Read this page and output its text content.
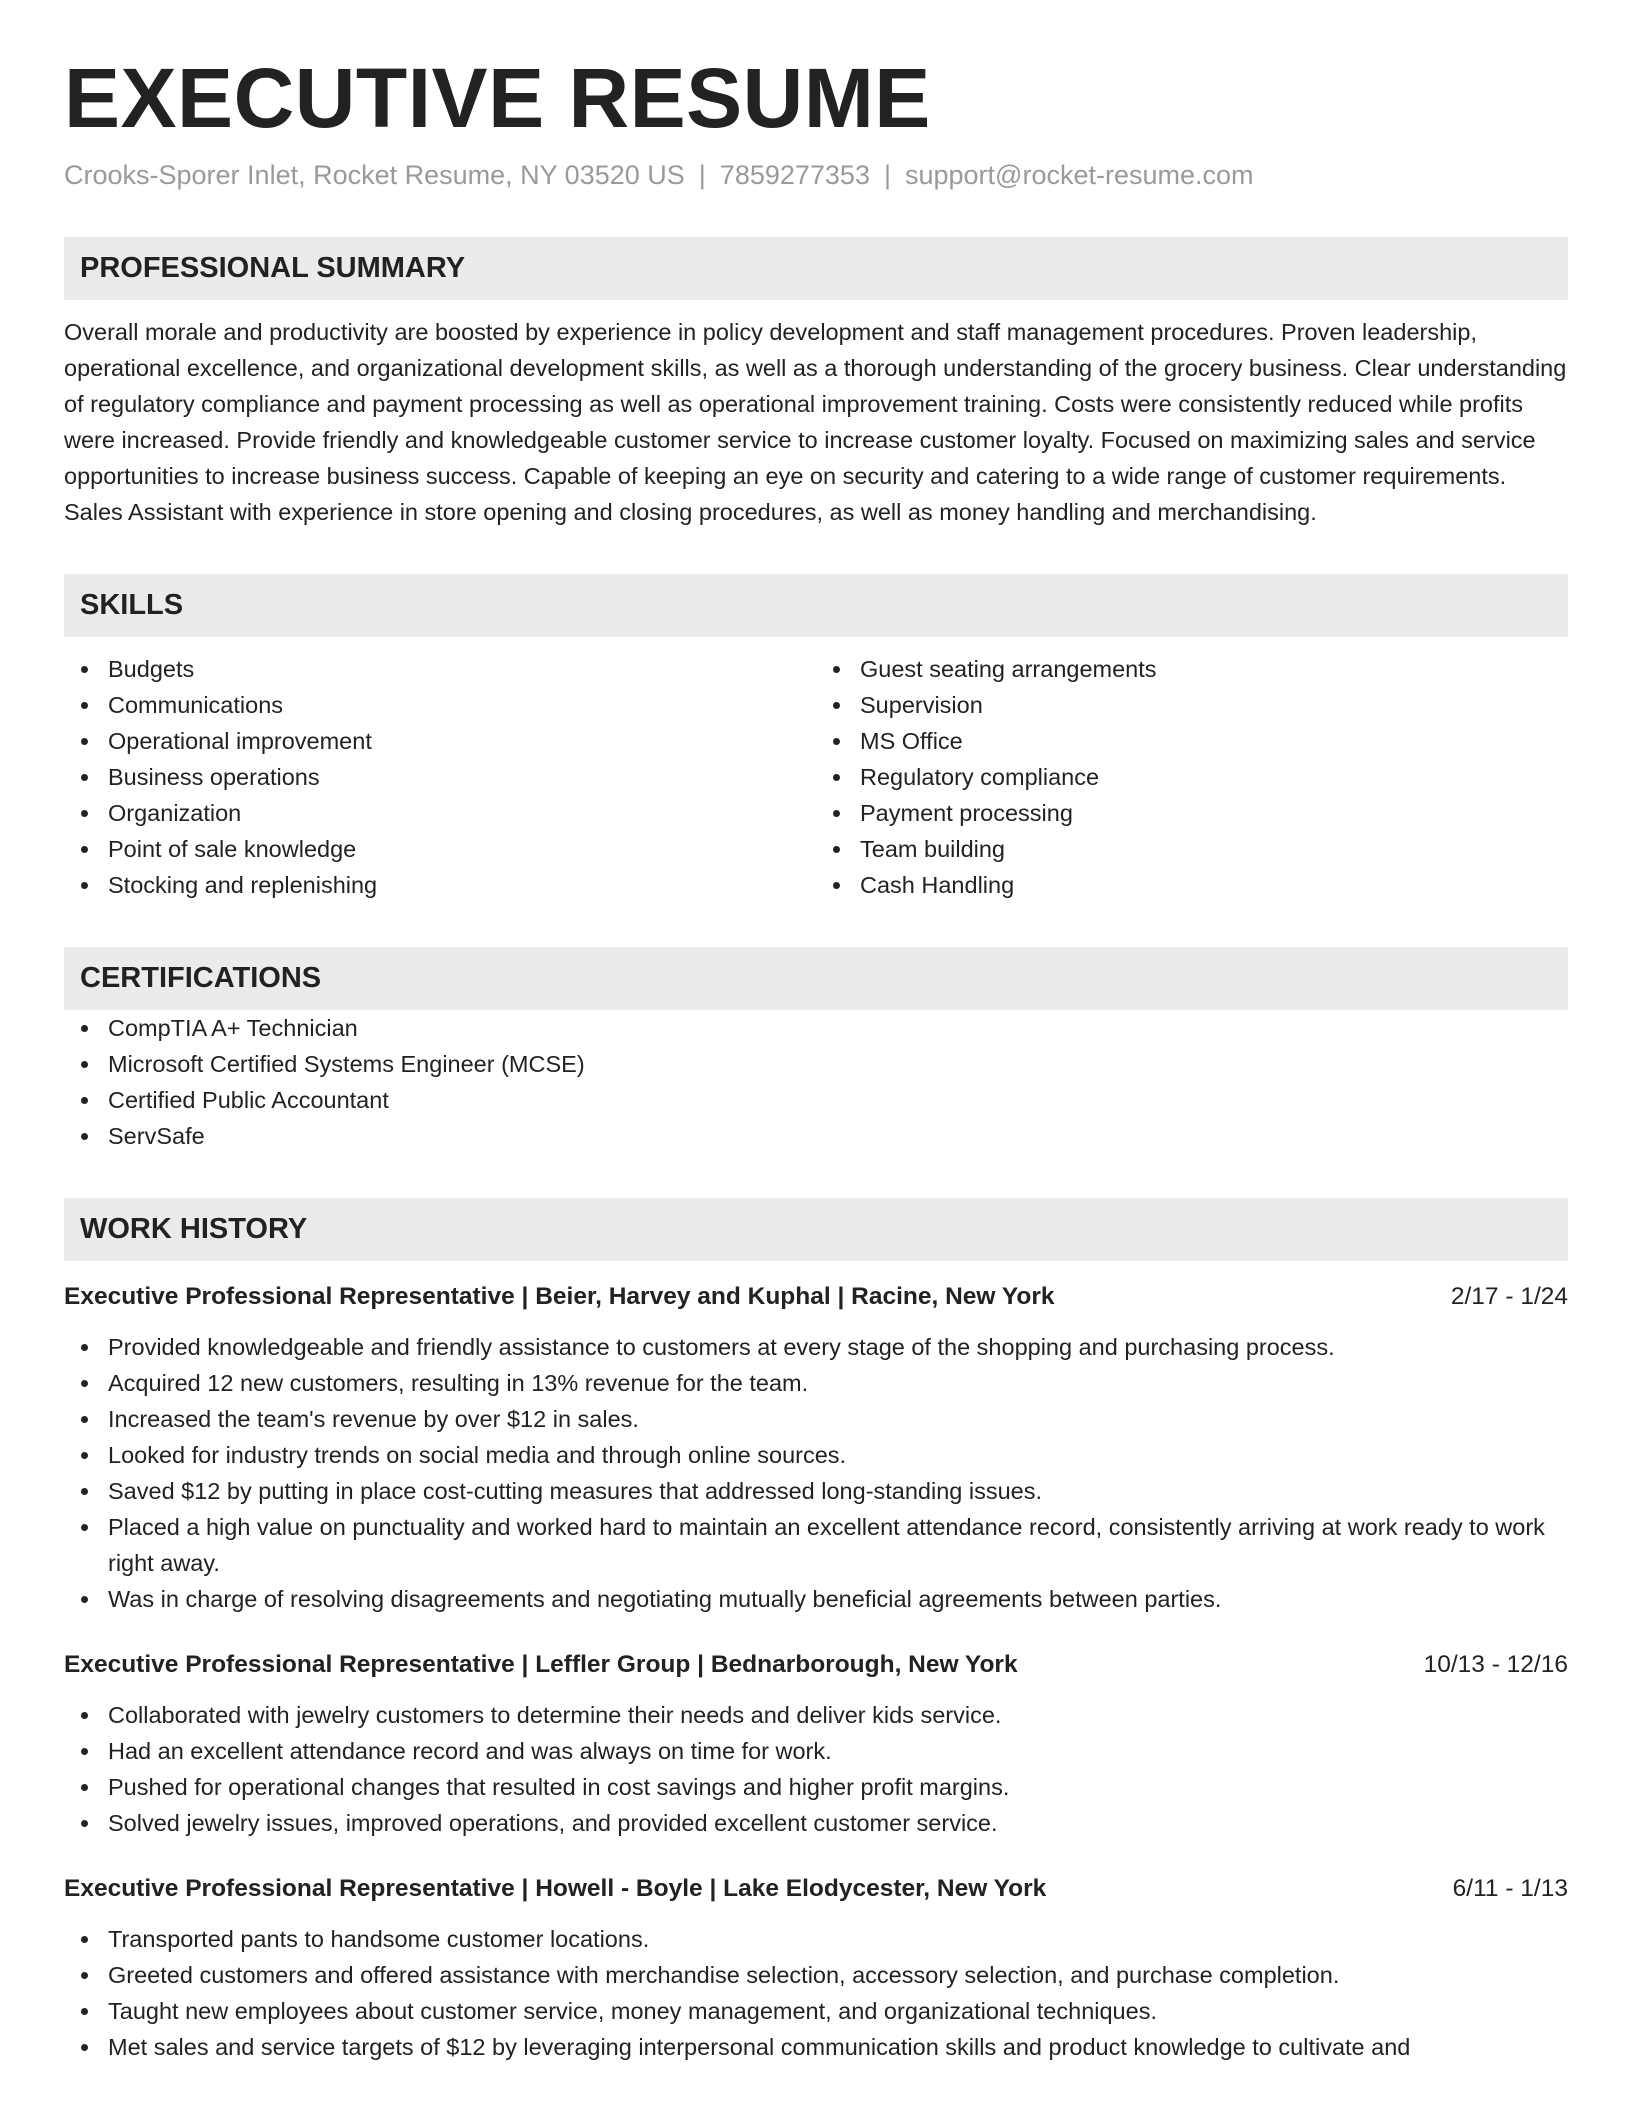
EXECUTIVE RESUME
Crooks-Sporer Inlet, Rocket Resume, NY 03520 US | 7859277353 | support@rocket-resume.com
PROFESSIONAL SUMMARY
Overall morale and productivity are boosted by experience in policy development and staff management procedures. Proven leadership, operational excellence, and organizational development skills, as well as a thorough understanding of the grocery business. Clear understanding of regulatory compliance and payment processing as well as operational improvement training. Costs were consistently reduced while profits were increased. Provide friendly and knowledgeable customer service to increase customer loyalty. Focused on maximizing sales and service opportunities to increase business success. Capable of keeping an eye on security and catering to a wide range of customer requirements. Sales Assistant with experience in store opening and closing procedures, as well as money handling and merchandising.
SKILLS
Budgets
Communications
Operational improvement
Business operations
Organization
Point of sale knowledge
Stocking and replenishing
Guest seating arrangements
Supervision
MS Office
Regulatory compliance
Payment processing
Team building
Cash Handling
CERTIFICATIONS
CompTIA A+ Technician
Microsoft Certified Systems Engineer (MCSE)
Certified Public Accountant
ServSafe
WORK HISTORY
Executive Professional Representative | Beier, Harvey and Kuphal | Racine, New York	2/17 - 1/24
Provided knowledgeable and friendly assistance to customers at every stage of the shopping and purchasing process.
Acquired 12 new customers, resulting in 13% revenue for the team.
Increased the team's revenue by over $12 in sales.
Looked for industry trends on social media and through online sources.
Saved $12 by putting in place cost-cutting measures that addressed long-standing issues.
Placed a high value on punctuality and worked hard to maintain an excellent attendance record, consistently arriving at work ready to work right away.
Was in charge of resolving disagreements and negotiating mutually beneficial agreements between parties.
Executive Professional Representative | Leffler Group | Bednarborough, New York	10/13 - 12/16
Collaborated with jewelry customers to determine their needs and deliver kids service.
Had an excellent attendance record and was always on time for work.
Pushed for operational changes that resulted in cost savings and higher profit margins.
Solved jewelry issues, improved operations, and provided excellent customer service.
Executive Professional Representative | Howell - Boyle | Lake Elodycester, New York	6/11 - 1/13
Transported pants to handsome customer locations.
Greeted customers and offered assistance with merchandise selection, accessory selection, and purchase completion.
Taught new employees about customer service, money management, and organizational techniques.
Met sales and service targets of $12 by leveraging interpersonal communication skills and product knowledge to cultivate and
